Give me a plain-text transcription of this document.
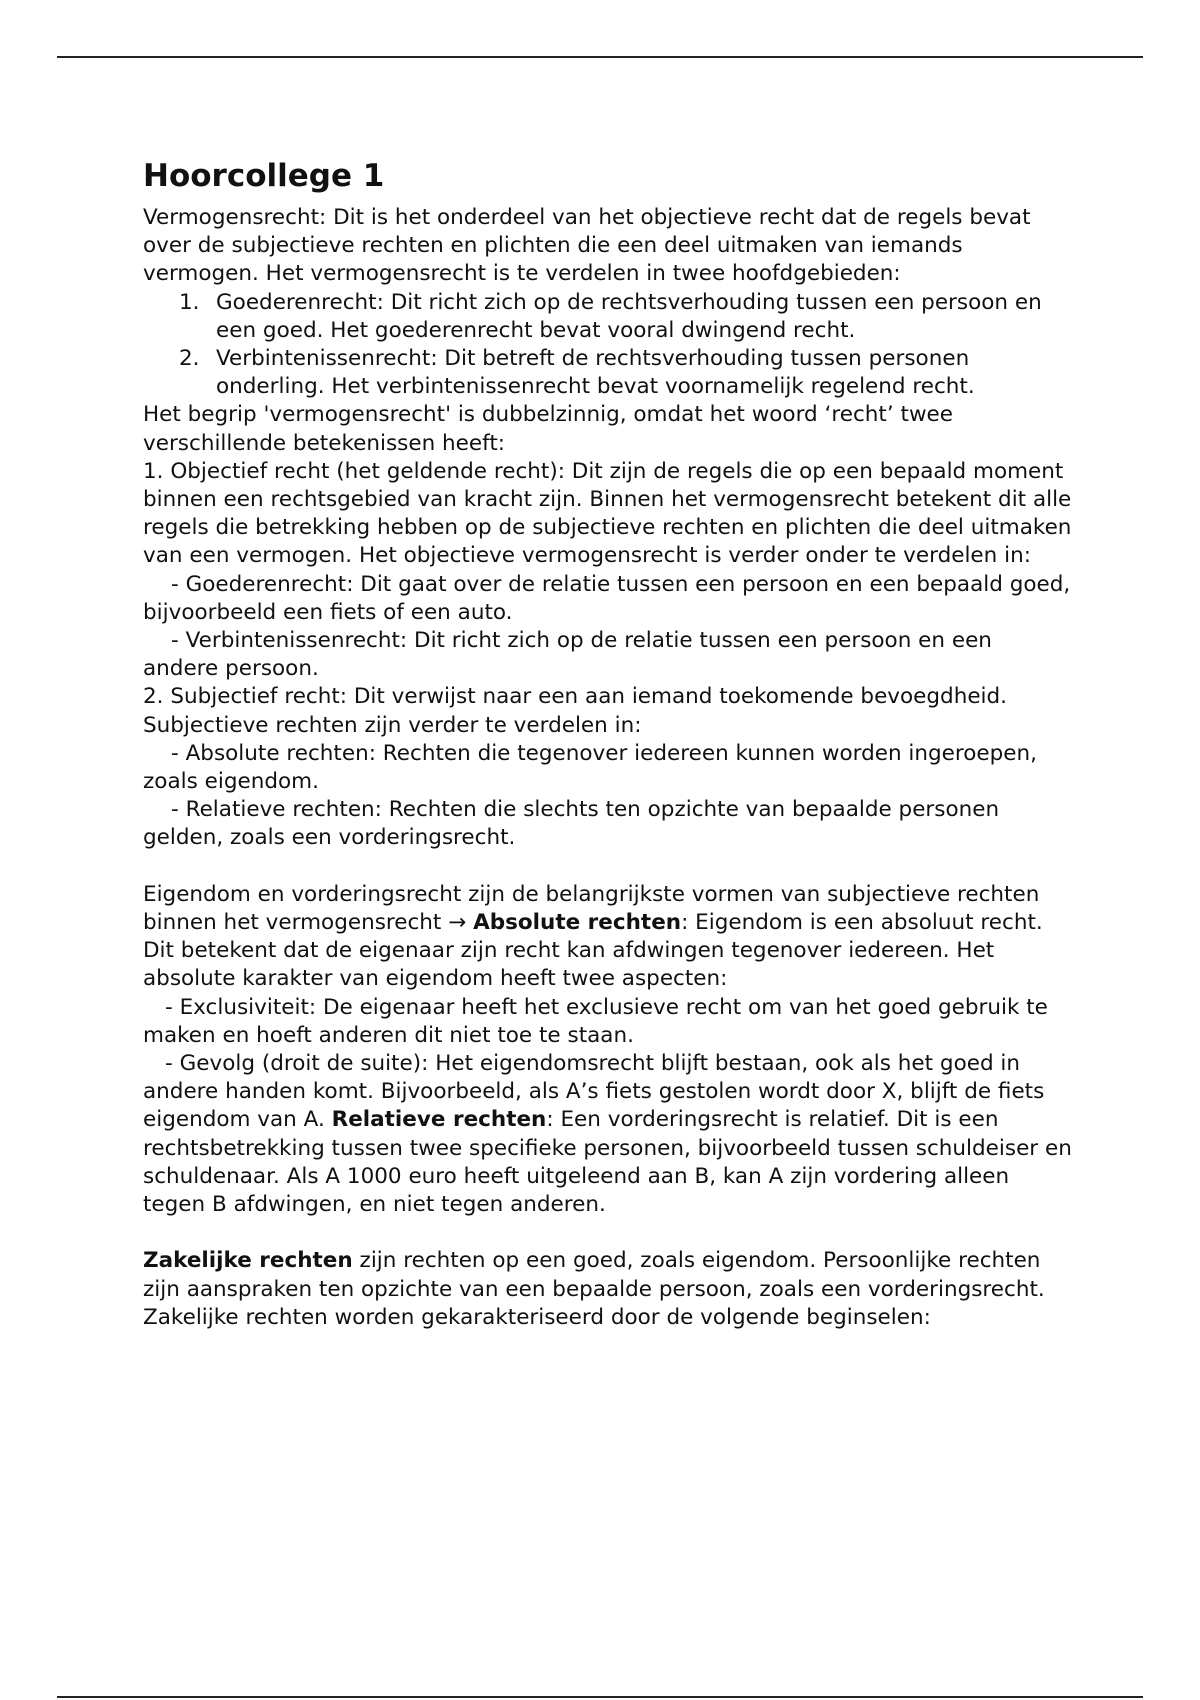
Hoorcollege 1

Vermogensrecht: Dit is het onderdeel van het objectieve recht dat de regels bevat over de subjectieve rechten en plichten die een deel uitmaken van iemands vermogen. Het vermogensrecht is te verdelen in twee hoofdgebieden:

1. Goederenrecht: Dit richt zich op de rechtsverhouding tussen een persoon en een goed. Het goederenrecht bevat vooral dwingend recht.
2. Verbintenissenrecht: Dit betreft de rechtsverhouding tussen personen onderling. Het verbintenissenrecht bevat voornamelijk regelend recht.

Het begrip 'vermogensrecht' is dubbelzinnig, omdat het woord ‘recht’ twee verschillende betekenissen heeft:

1. Objectief recht (het geldende recht): Dit zijn de regels die op een bepaald moment binnen een rechtsgebied van kracht zijn. Binnen het vermogensrecht betekent dit alle regels die betrekking hebben op de subjectieve rechten en plichten die deel uitmaken van een vermogen. Het objectieve vermogensrecht is verder onder te verdelen in:

- Goederenrecht: Dit gaat over de relatie tussen een persoon en een bepaald goed, bijvoorbeeld een fiets of een auto.

- Verbintenissenrecht: Dit richt zich op de relatie tussen een persoon en een andere persoon.

2. Subjectief recht: Dit verwijst naar een aan iemand toekomende bevoegdheid. Subjectieve rechten zijn verder te verdelen in:

- Absolute rechten: Rechten die tegenover iedereen kunnen worden ingeroepen, zoals eigendom.

- Relatieve rechten: Rechten die slechts ten opzichte van bepaalde personen gelden, zoals een vorderingsrecht.

Eigendom en vorderingsrecht zijn de belangrijkste vormen van subjectieve rechten binnen het vermogensrecht → Absolute rechten: Eigendom is een absoluut recht. Dit betekent dat de eigenaar zijn recht kan afdwingen tegenover iedereen. Het absolute karakter van eigendom heeft twee aspecten:

- Exclusiviteit: De eigenaar heeft het exclusieve recht om van het goed gebruik te maken en hoeft anderen dit niet toe te staan.

- Gevolg (droit de suite): Het eigendomsrecht blijft bestaan, ook als het goed in andere handen komt. Bijvoorbeeld, als A’s fiets gestolen wordt door X, blijft de fiets eigendom van A. Relatieve rechten: Een vorderingsrecht is relatief. Dit is een rechtsbetrekking tussen twee specifieke personen, bijvoorbeeld tussen schuldeiser en schuldenaar. Als A 1000 euro heeft uitgeleend aan B, kan A zijn vordering alleen tegen B afdwingen, en niet tegen anderen.

Zakelijke rechten zijn rechten op een goed, zoals eigendom. Persoonlijke rechten zijn aanspraken ten opzichte van een bepaalde persoon, zoals een vorderingsrecht. Zakelijke rechten worden gekarakteriseerd door de volgende beginselen:
